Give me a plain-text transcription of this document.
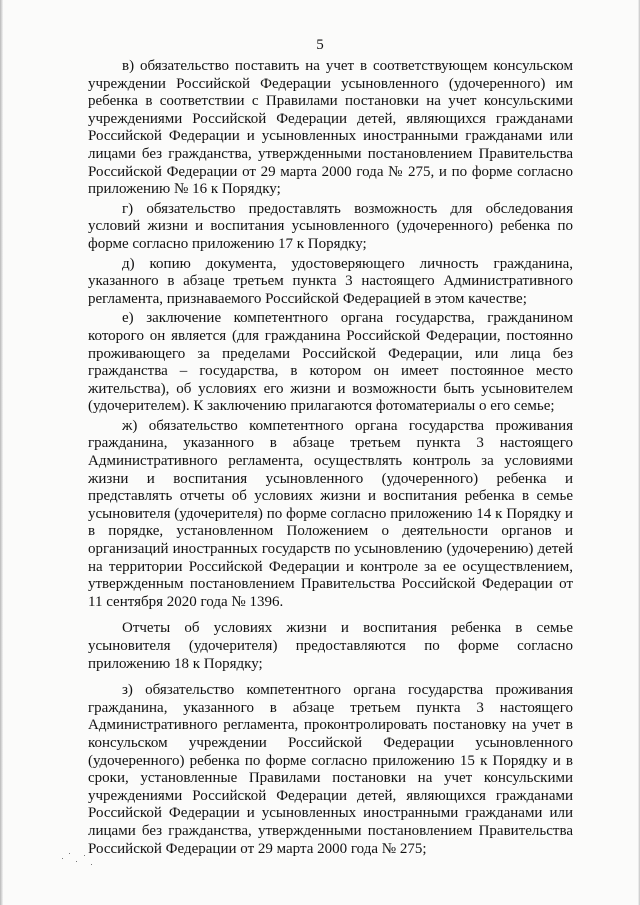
5

в) обязательство поставить на учет в соответствующем консульском учреждении Российской Федерации усыновленного (удочеренного) им ребенка в соответствии с Правилами постановки на учет консульскими учреждениями Российской Федерации детей, являющихся гражданами Российской Федерации и усыновленных иностранными гражданами или лицами без гражданства, утвержденными постановлением Правительства Российской Федерации от 29 марта 2000 года № 275, и по форме согласно приложению № 16 к Порядку;

г) обязательство предоставлять возможность для обследования условий жизни и воспитания усыновленного (удочеренного) ребенка по форме согласно приложению 17 к Порядку;

д) копию документа, удостоверяющего личность гражданина, указанного в абзаце третьем пункта 3 настоящего Административного регламента, признаваемого Российской Федерацией в этом качестве;

е) заключение компетентного органа государства, гражданином которого он является (для гражданина Российской Федерации, постоянно проживающего за пределами Российской Федерации, или лица без гражданства – государства, в котором он имеет постоянное место жительства), об условиях его жизни и возможности быть усыновителем (удочерителем). К заключению прилагаются фотоматериалы о его семье;

ж) обязательство компетентного органа государства проживания гражданина, указанного в абзаце третьем пункта 3 настоящего Административного регламента, осуществлять контроль за условиями жизни и воспитания усыновленного (удочеренного) ребенка и представлять отчеты об условиях жизни и воспитания ребенка в семье усыновителя (удочерителя) по форме согласно приложению 14 к Порядку и в порядке, установленном Положением о деятельности органов и организаций иностранных государств по усыновлению (удочерению) детей на территории Российской Федерации и контроле за ее осуществлением, утвержденным постановлением Правительства Российской Федерации от 11 сентября 2020 года № 1396.

Отчеты об условиях жизни и воспитания ребенка в семье усыновителя (удочерителя) предоставляются по форме согласно приложению 18 к Порядку;

з) обязательство компетентного органа государства проживания гражданина, указанного в абзаце третьем пункта 3 настоящего Административного регламента, проконтролировать постановку на учет в консульском учреждении Российской Федерации усыновленного (удочеренного) ребенка по форме согласно приложению 15 к Порядку и в сроки, установленные Правилами постановки на учет консульскими учреждениями Российской Федерации детей, являющихся гражданами Российской Федерации и усыновленных иностранными гражданами или лицами без гражданства, утвержденными постановлением Правительства Российской Федерации от 29 марта 2000 года № 275;
